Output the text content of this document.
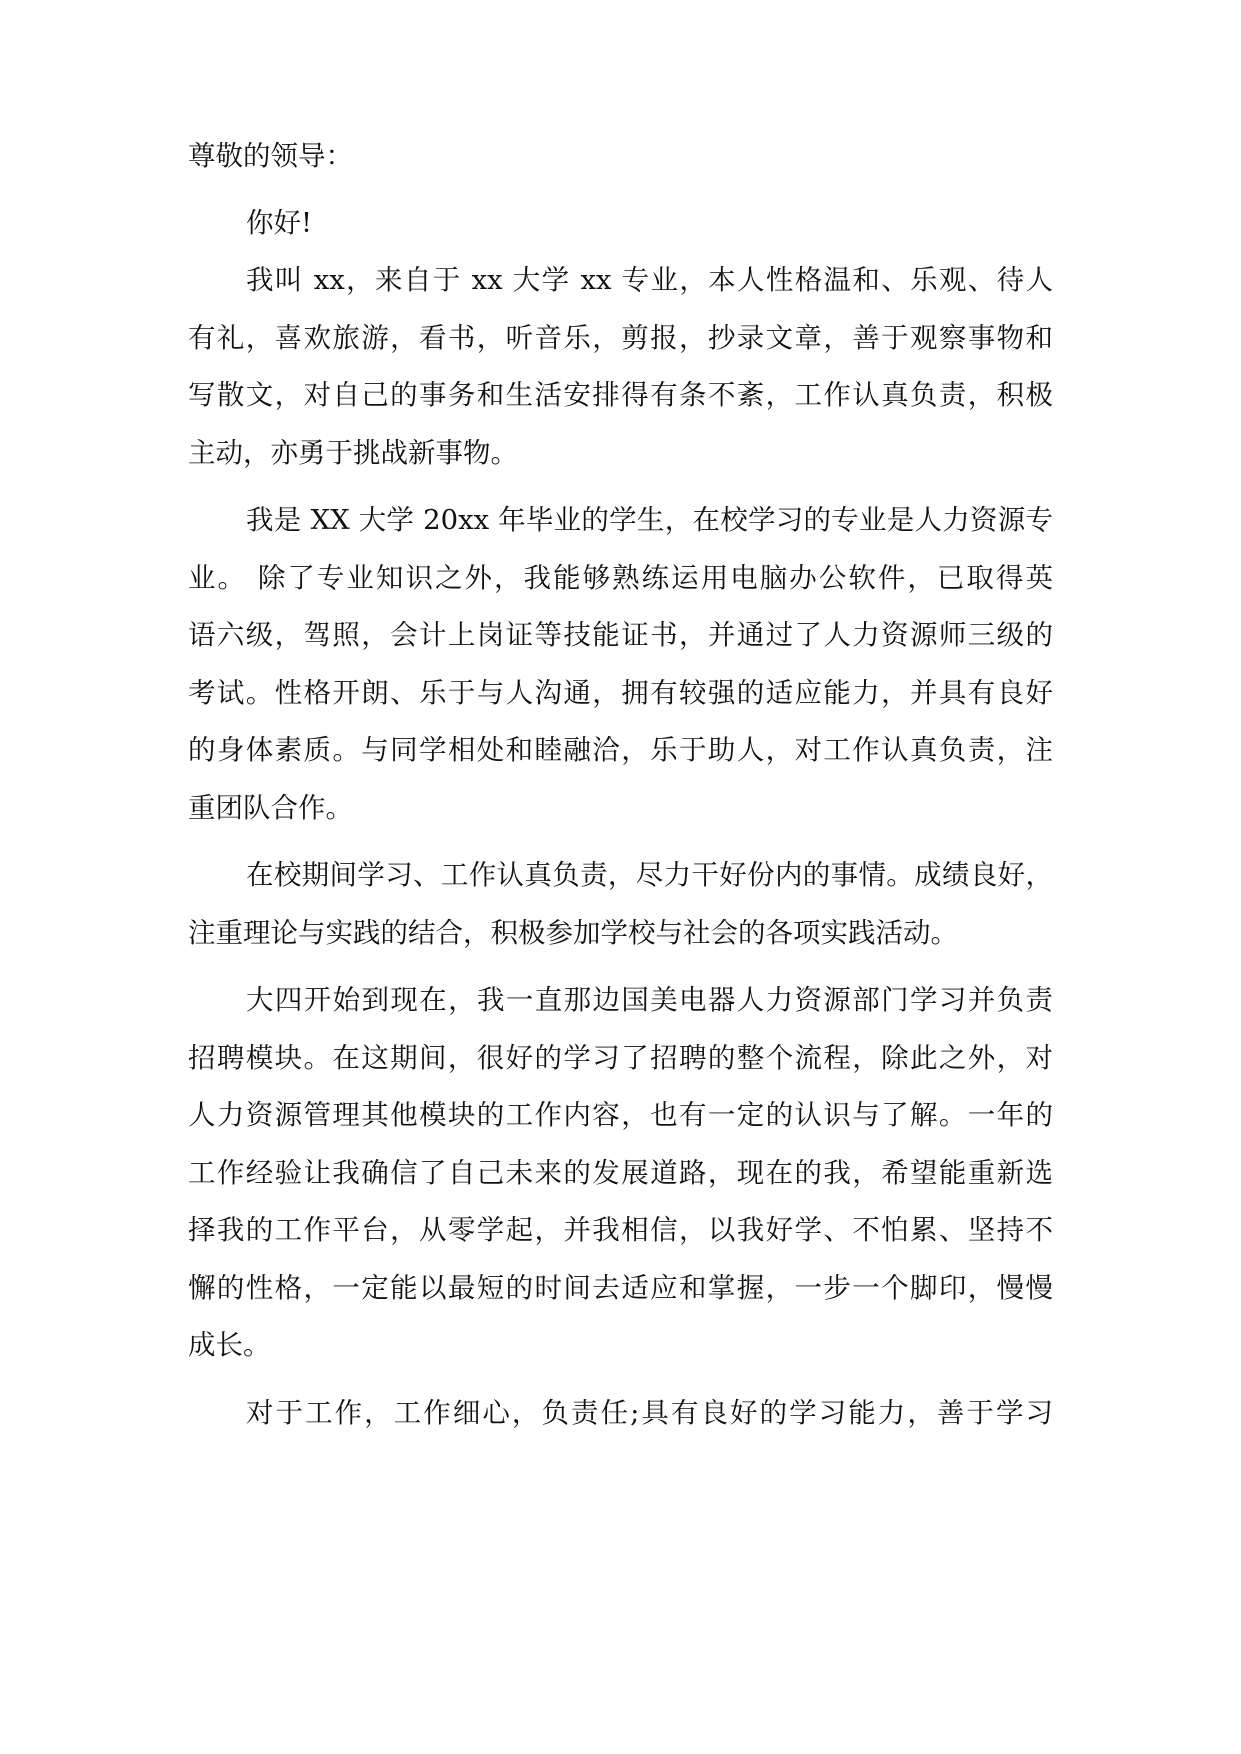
尊敬的领导：

你好!

我叫 xx，来自于 xx 大学 xx 专业，本人性格温和、乐观、待人

有礼，喜欢旅游，看书，听音乐，剪报，抄录文章，善于观察事物和

写散文，对自己的事务和生活安排得有条不紊，工作认真负责，积极

主动，亦勇于挑战新事物。

我是 XX 大学 20xx 年毕业的学生，在校学习的专业是人力资源专

业。 除了专业知识之外，我能够熟练运用电脑办公软件，已取得英

语六级，驾照，会计上岗证等技能证书，并通过了人力资源师三级的

考试。性格开朗、乐于与人沟通，拥有较强的适应能力，并具有良好

的身体素质。与同学相处和睦融洽，乐于助人，对工作认真负责，注

重团队合作。

在校期间学习、工作认真负责，尽力干好份内的事情。成绩良好，

注重理论与实践的结合，积极参加学校与社会的各项实践活动。

大四开始到现在，我一直那边国美电器人力资源部门学习并负责

招聘模块。在这期间，很好的学习了招聘的整个流程，除此之外，对

人力资源管理其他模块的工作内容，也有一定的认识与了解。一年的

工作经验让我确信了自己未来的发展道路，现在的我，希望能重新选

择我的工作平台，从零学起，并我相信，以我好学、不怕累、坚持不

懈的性格，一定能以最短的时间去适应和掌握，一步一个脚印，慢慢

成长。

对于工作，工作细心，负责任;具有良好的学习能力，善于学习
